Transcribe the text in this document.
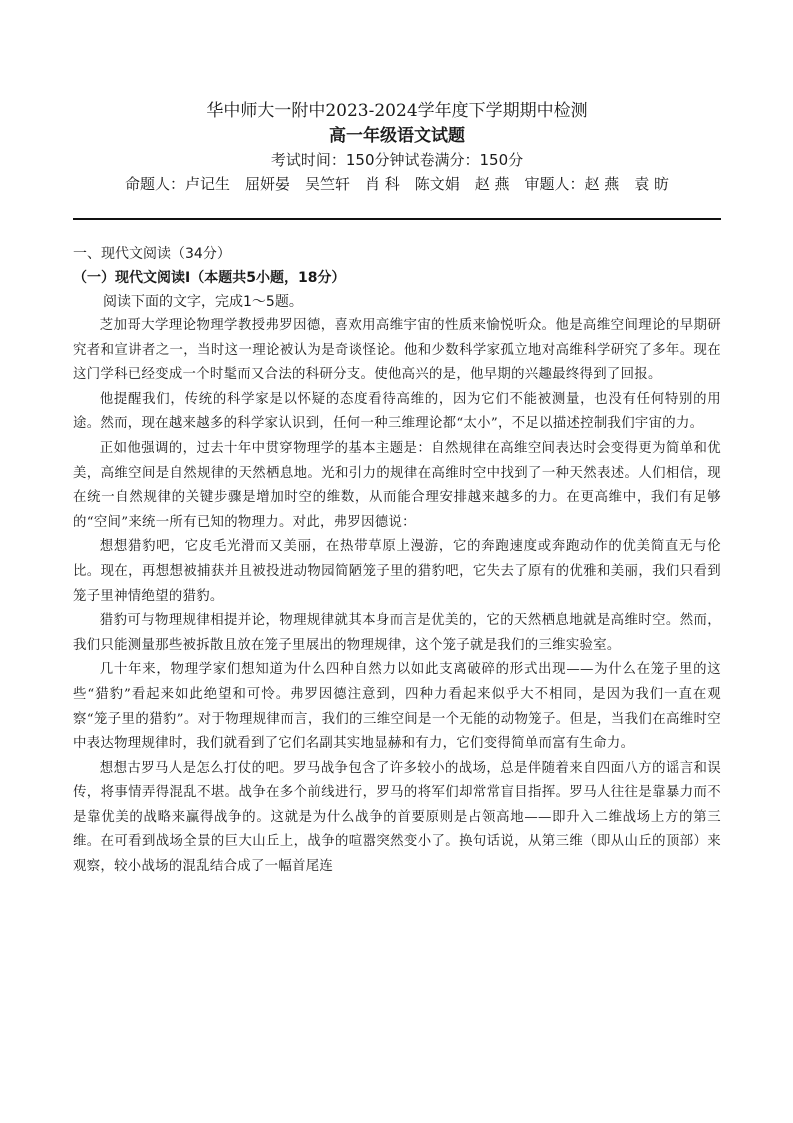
华中师大一附中2023-2024学年度下学期期中检测

高一年级语文试题

考试时间：150分钟试卷满分：150分

命题人：卢记生　屈妍晏　吴竺轩　肖 科　陈文娟　赵 燕　审题人：赵 燕　袁 昉

一、现代文阅读（34分）

（一）现代文阅读Ⅰ（本题共5小题，18分）

阅读下面的文字，完成1～5题。

芝加哥大学理论物理学教授弗罗因德，喜欢用高维宇宙的性质来愉悦听众。他是高维空间理论的早期研究者和宣讲者之一，当时这一理论被认为是奇谈怪论。他和少数科学家孤立地对高维科学研究了多年。现在这门学科已经变成一个时髦而又合法的科研分支。使他高兴的是，他早期的兴趣最终得到了回报。

他提醒我们，传统的科学家是以怀疑的态度看待高维的，因为它们不能被测量，也没有任何特别的用途。然而，现在越来越多的科学家认识到，任何一种三维理论都“太小”，不足以描述控制我们宇宙的力。

正如他强调的，过去十年中贯穿物理学的基本主题是：自然规律在高维空间表达时会变得更为简单和优美，高维空间是自然规律的天然栖息地。光和引力的规律在高维时空中找到了一种天然表述。人们相信，现在统一自然规律的关键步骤是增加时空的维数，从而能合理安排越来越多的力。在更高维中，我们有足够的“空间”来统一所有已知的物理力。对此，弗罗因德说：

想想猎豹吧，它皮毛光滑而又美丽，在热带草原上漫游，它的奔跑速度或奔跑动作的优美简直无与伦比。现在，再想想被捕获并且被投进动物园简陋笼子里的猎豹吧，它失去了原有的优雅和美丽，我们只看到笼子里神情绝望的猎豹。

猎豹可与物理规律相提并论，物理规律就其本身而言是优美的，它的天然栖息地就是高维时空。然而，我们只能测量那些被拆散且放在笼子里展出的物理规律，这个笼子就是我们的三维实验室。

几十年来，物理学家们想知道为什么四种自然力以如此支离破碎的形式出现——为什么在笼子里的这些“猎豹”看起来如此绝望和可怜。弗罗因德注意到，四种力看起来似乎大不相同，是因为我们一直在观察“笼子里的猎豹”。对于物理规律而言，我们的三维空间是一个无能的动物笼子。但是，当我们在高维时空中表达物理规律时，我们就看到了它们名副其实地显赫和有力，它们变得简单而富有生命力。

想想古罗马人是怎么打仗的吧。罗马战争包含了许多较小的战场，总是伴随着来自四面八方的谣言和误传，将事情弄得混乱不堪。战争在多个前线进行，罗马的将军们却常常盲目指挥。罗马人往往是靠暴力而不是靠优美的战略来赢得战争的。这就是为什么战争的首要原则是占领高地——即升入二维战场上方的第三维。在可看到战场全景的巨大山丘上，战争的喧嚣突然变小了。换句话说，从第三维（即从山丘的顶部）来观察，较小战场的混乱结合成了一幅首尾连
